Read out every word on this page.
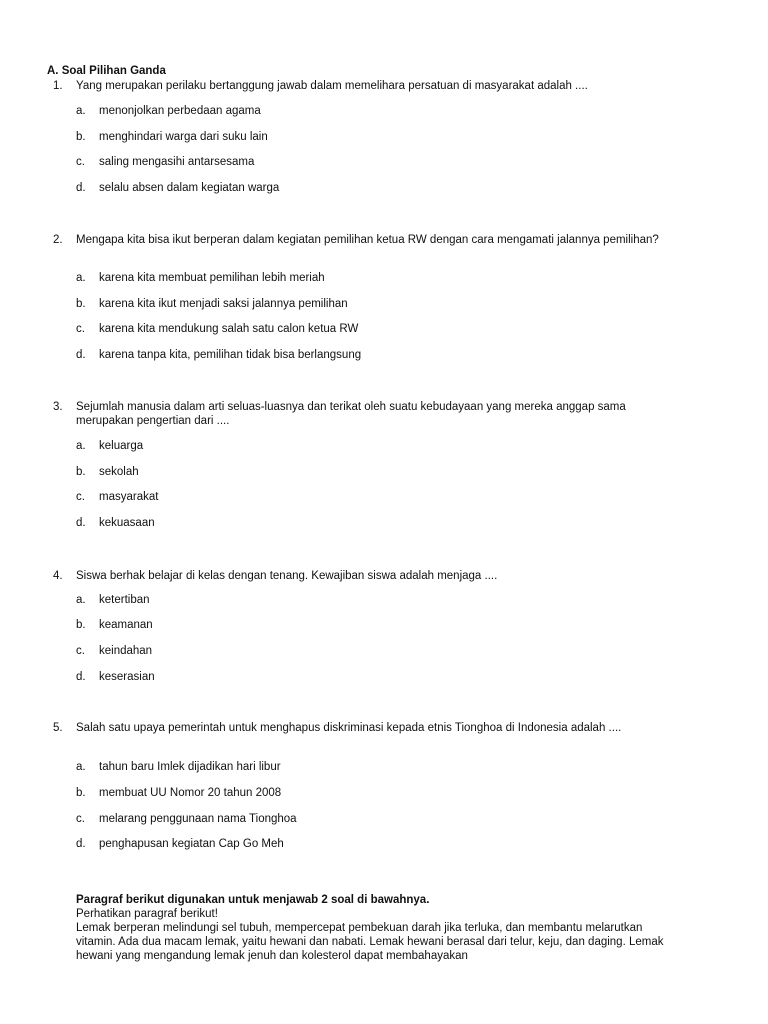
A. Soal Pilihan Ganda
1. Yang merupakan perilaku bertanggung jawab dalam memelihara persatuan di masyarakat adalah ....
a. menonjolkan perbedaan agama
b. menghindari warga dari suku lain
c. saling mengasihi antarsesama
d. selalu absen dalam kegiatan warga
2. Mengapa kita bisa ikut berperan dalam kegiatan pemilihan ketua RW dengan cara mengamati jalannya pemilihan?
a. karena kita membuat pemilihan lebih meriah
b. karena kita ikut menjadi saksi jalannya pemilihan
c. karena kita mendukung salah satu calon ketua RW
d. karena tanpa kita, pemilihan tidak bisa berlangsung
3. Sejumlah manusia dalam arti seluas-luasnya dan terikat oleh suatu kebudayaan yang mereka anggap sama merupakan pengertian dari ....
a. keluarga
b. sekolah
c. masyarakat
d. kekuasaan
4. Siswa berhak belajar di kelas dengan tenang. Kewajiban siswa adalah menjaga ....
a. ketertiban
b. keamanan
c. keindahan
d. keserasian
5. Salah satu upaya pemerintah untuk menghapus diskriminasi kepada etnis Tionghoa di Indonesia adalah ....
a. tahun baru Imlek dijadikan hari libur
b. membuat UU Nomor 20 tahun 2008
c. melarang penggunaan nama Tionghoa
d. penghapusan kegiatan Cap Go Meh
Paragraf berikut digunakan untuk menjawab 2 soal di bawahnya.
Perhatikan paragraf berikut!
Lemak berperan melindungi sel tubuh, mempercepat pembekuan darah jika terluka, dan membantu melarutkan vitamin. Ada dua macam lemak, yaitu hewani dan nabati. Lemak hewani berasal dari telur, keju, dan daging. Lemak hewani yang mengandung lemak jenuh dan kolesterol dapat membahayakan
